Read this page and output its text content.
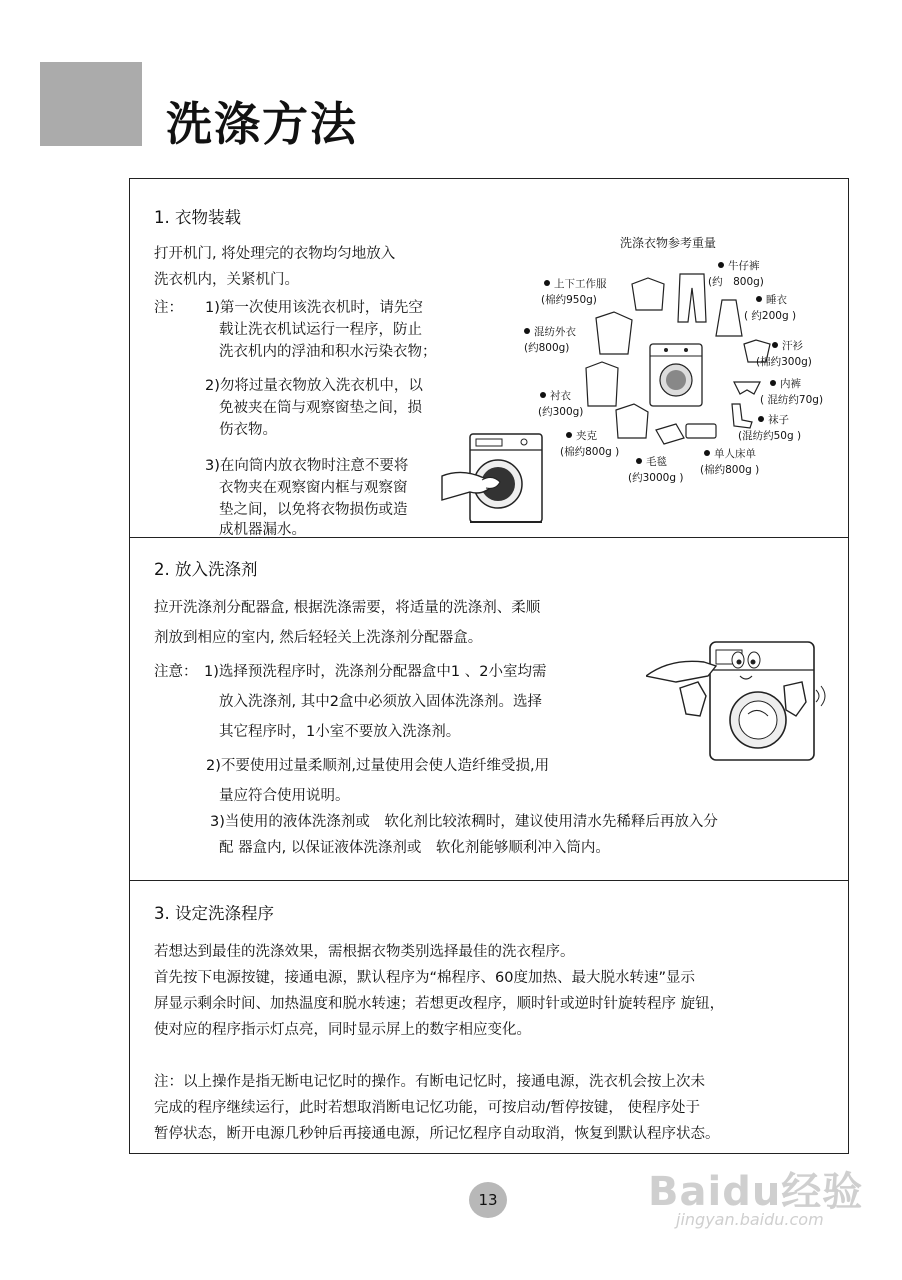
洗涤方法
1. 衣物装载
打开机门, 将处理完的衣物均匀地放入
洗衣机内，关紧机门。
注： 1)第一次使用该洗衣机时，请先空
载让洗衣机试运行一程序，防止
洗衣机内的浮油和积水污染衣物；
2)勿将过量衣物放入洗衣机中，以
免被夹在筒与观察窗垫之间，损
伤衣物。
3)在向筒内放衣物时注意不要将
衣物夹在观察窗内框与观察窗
垫之间，以免将衣物损伤或造
成机器漏水。
洗涤衣物参考重量
上下工作服
(棉约950g)
牛仔裤
(约　800g)
混纺外衣
(约800g)
睡衣
( 约200g )
汗衫
(棉约300g)
衬衣
(约300g)
内裤
( 混纺约70g)
袜子
(混纺约50g )
夹克
(棉约800g )	单人床单
(棉约800g )
毛毯
(约3000g )
2. 放入洗涤剂
拉开洗涤剂分配器盒, 根据洗涤需要，将适量的洗涤剂、柔顺
剂放到相应的室内, 然后轻轻关上洗涤剂分配器盒。
注意： 1)选择预洗程序时，洗涤剂分配器盒中1 、2小室均需
放入洗涤剂, 其中2盒中必须放入固体洗涤剂。选择
其它程序时，1小室不要放入洗涤剂。
2)不要使用过量柔顺剂,过量使用会使人造纤维受损,用
量应符合使用说明。
3)当使用的液体洗涤剂或　软化剂比较浓稠时，建议使用清水先稀释后再放入分
配 器盒内, 以保证液体洗涤剂或　软化剂能够顺利冲入筒内。
3. 设定洗涤程序
若想达到最佳的洗涤效果，需根据衣物类别选择最佳的洗衣程序。
首先按下电源按键，接通电源，默认程序为“棉程序、60度加热、最大脱水转速”显示
屏显示剩余时间、加热温度和脱水转速；若想更改程序，顺时针或逆时针旋转程序 旋钮，
使对应的程序指示灯点亮，同时显示屏上的数字相应变化。
注：以上操作是指无断电记忆时的操作。有断电记忆时，接通电源，洗衣机会按上次未
完成的程序继续运行，此时若想取消断电记忆功能，可按启动/暂停按键， 使程序处于
暂停状态，断开电源几秒钟后再接通电源，所记忆程序自动取消，恢复到默认程序状态。
13	Baidu经验
jingyan.baidu.com
